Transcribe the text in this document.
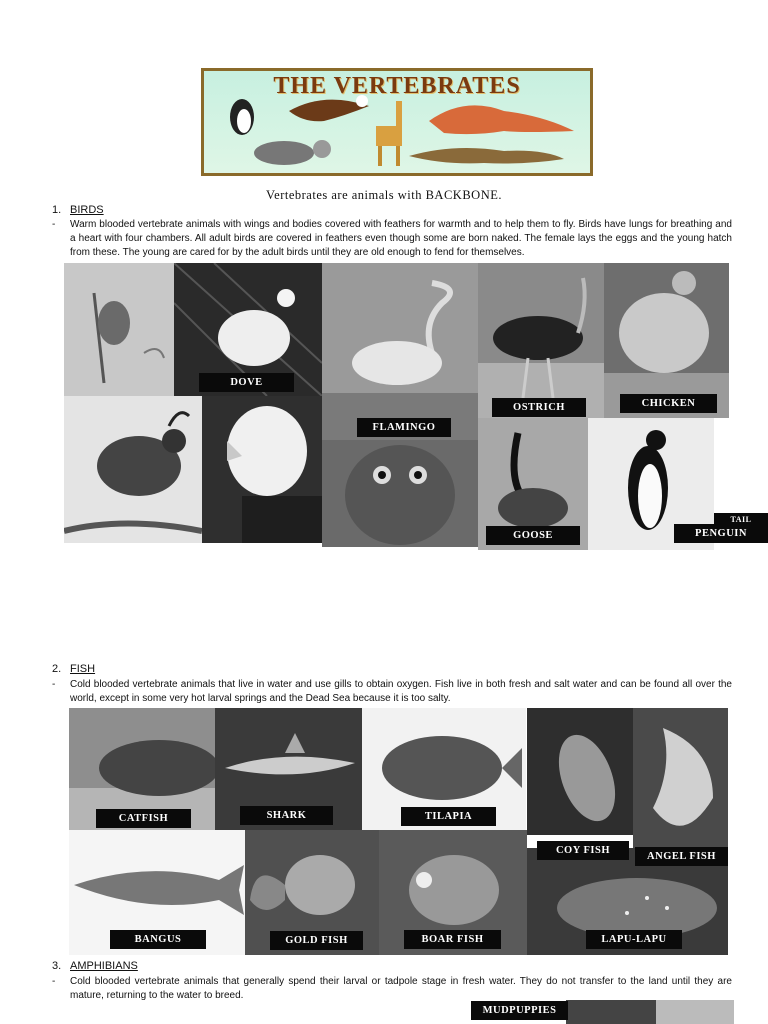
THE VERTEBRATES
Vertebrates are animals with BACKBONE.
1. BIRDS
- Warm blooded vertebrate animals with wings and bodies covered with feathers for warmth and to help them to fly. Birds have lungs for breathing and a heart with four chambers. All adult birds are covered in feathers even though some are born naked. The female lays the eggs and the young hatch from these. The young are cared for by the adult birds until they are old enough to fend for themselves.
DOVE
FLAMINGO
OSTRICH	CHICKEN
GOOSE
TAIL
PENGUIN
2. FISH
- Cold blooded vertebrate animals that live in water and use gills to obtain oxygen. Fish live in both fresh and salt water and can be found all over the world, except in some very hot larval springs and the Dead Sea because it is too salty.
CATFISH	SHARK	TILAPIA
COY FISH
ANGEL FISH
BANGUS	GOLD FISH	BOAR FISH	LAPU-LAPU
3. AMPHIBIANS
- Cold blooded vertebrate animals that generally spend their larval or tadpole stage in fresh water. They do not transfer to the land until they are mature, returning to the water to breed.
MUDPUPPIES
